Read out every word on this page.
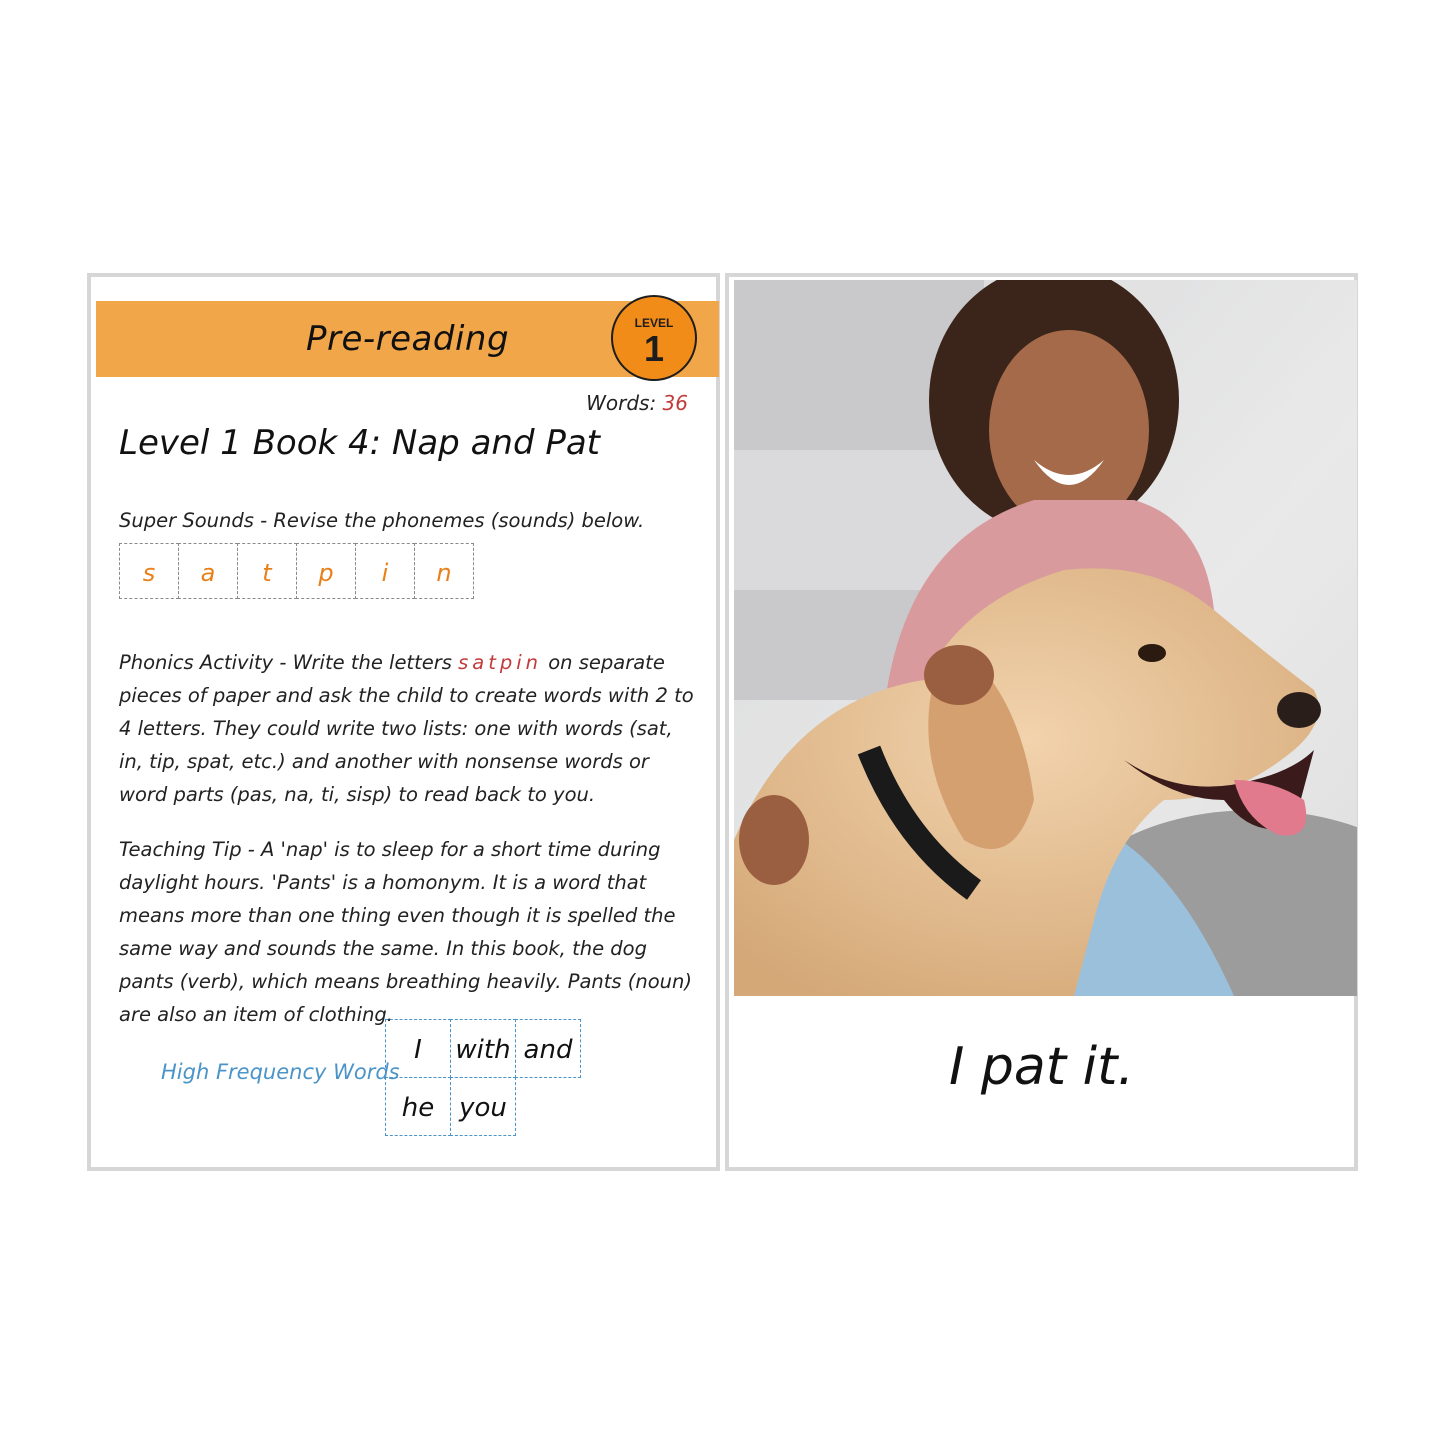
Pre-reading	LEVEL
1
Words: 36
Level 1 Book 4: Nap and Pat
Super Sounds - Revise the phonemes (sounds) below.
s	a	t	p	i	n
Phonics Activity - Write the letters satpin on separate pieces of paper and ask the child to create words with 2 to 4 letters. They could write two lists: one with words (sat, in, tip, spat, etc.) and another with nonsense words or word parts (pas, na, ti, sisp) to read back to you.
Teaching Tip - A 'nap' is to sleep for a short time during daylight hours. 'Pants' is a homonym. It is a word that means more than one thing even though it is spelled the same way and sounds the same. In this book, the dog pants (verb), which means breathing heavily. Pants (noun) are also an item of clothing.
High Frequency Words
I	with and
he you
I pat it.
